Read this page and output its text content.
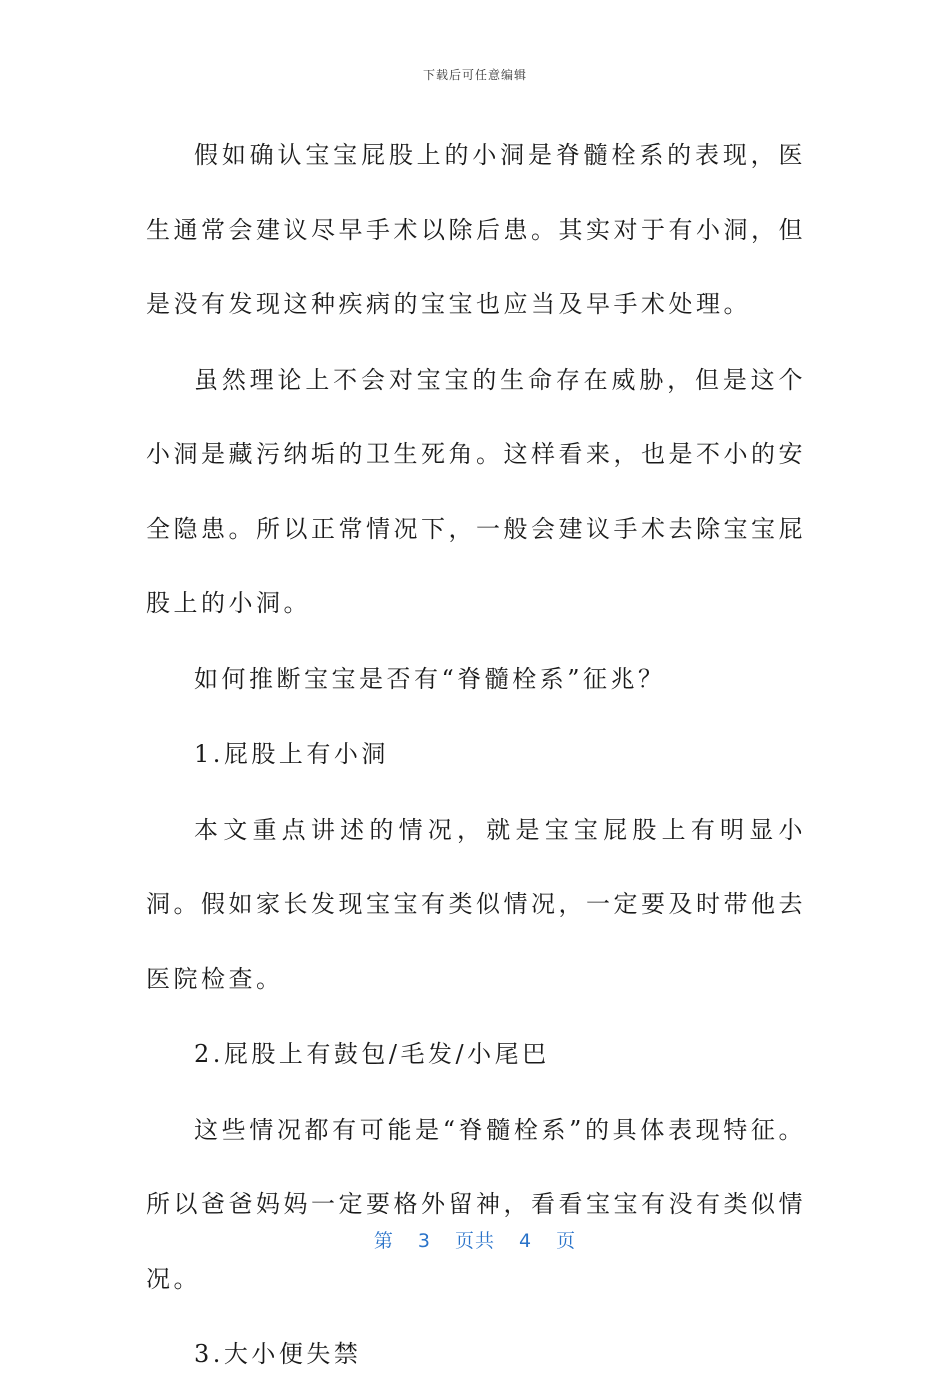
下载后可任意编辑

假如确认宝宝屁股上的小洞是脊髓栓系的表现，医生通常会建议尽早手术以除后患。其实对于有小洞，但是没有发现这种疾病的宝宝也应当及早手术处理。

虽然理论上不会对宝宝的生命存在威胁，但是这个小洞是藏污纳垢的卫生死角。这样看来，也是不小的安全隐患。所以正常情况下，一般会建议手术去除宝宝屁股上的小洞。

如何推断宝宝是否有“脊髓栓系”征兆？

1.屁股上有小洞

本文重点讲述的情况，就是宝宝屁股上有明显小洞。假如家长发现宝宝有类似情况，一定要及时带他去医院检查。

2.屁股上有鼓包/毛发/小尾巴

这些情况都有可能是“脊髓栓系”的具体表现特征。所以爸爸妈妈一定要格外留神，看看宝宝有没有类似情况。

3.大小便失禁

第 3 页共 4 页
